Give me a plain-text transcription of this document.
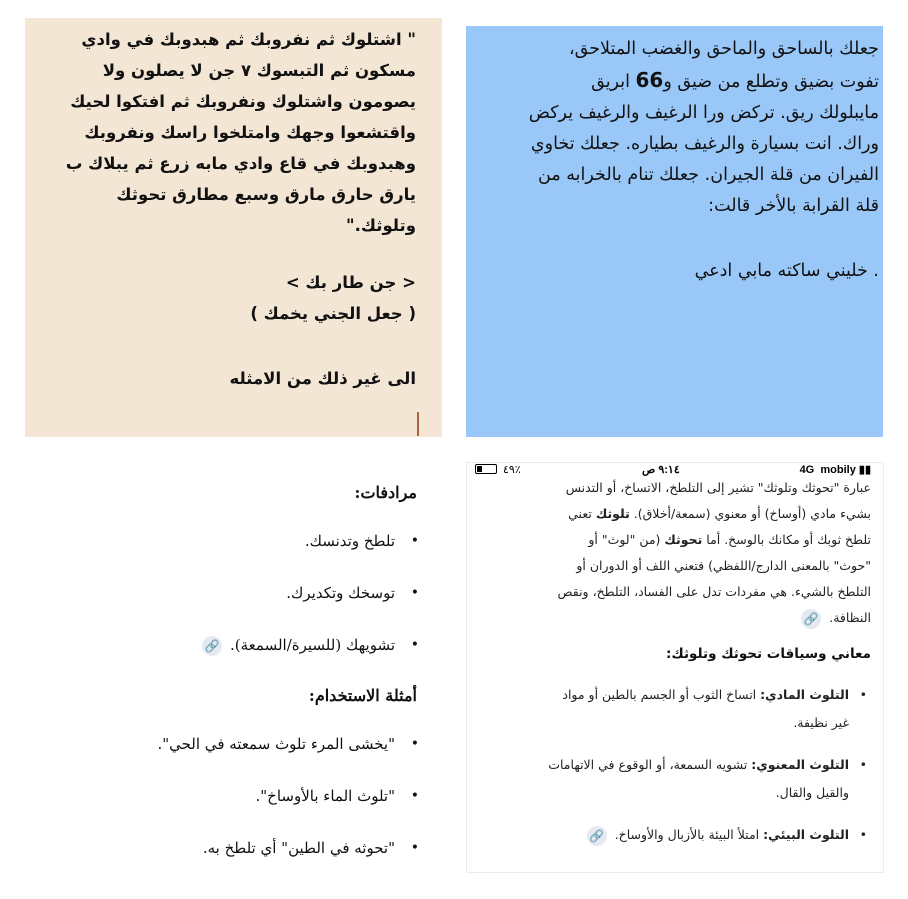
" اشتلوك ثم نفروبك ثم هبدوبك في وادي
مسكون ثم التبسوك ٧ جن لا يصلون ولا
يصومون واشتلوك ونفروبك ثم افتكوا لحيك
واقتشعوا وجهك وامتلخوا راسك ونفروبك
وهبدوبك في قاع وادي مابه زرع ثم يبلاك ب
يارق حارق مارق وسبع مطارق تحوثك
وتلوثك."
< جن طار بك >
( جعل الجني يخمك )
الى غير ذلك من الامثله
جعلك بالساحق والماحق والغضب المتلاحق،
تفوت بضيق وتطلع من ضيق و66 ابريق
مايبلولك ريق. تركض ورا الرغيف والرغيف يركض
وراك. انت بسيارة والرغيف بطياره. جعلك تخاوي
الفيران من قلة الجيران. جعلك تنام بالخرابه من
قلة القرابة بالأخر قالت:
. خليني ساكته مابي ادعي
مرادفات:
•
تلطخ وتدنسك.
•
توسخك وتكديرك.
•
تشويهك (للسيرة/السمعة).🔗
أمثلة الاستخدام:
•
"يخشى المرء تلوث سمعته في الحي".
•
"تلوث الماء بالأوساخ".
•
"تحوثه في الطين" أي تلطخ به.
٤٩٪	٩:١٤ ص	4G mobily ▮▮
عبارة "تحوثك وتلوثك" تشير إلى التلطخ، الاتساخ، أو التدنس
بشيء مادي (أوساخ) أو معنوي (سمعة/أخلاق). تلوثك تعني
تلطخ ثوبك أو مكانك بالوسخ. أما تحوثك (من "لوث" أو
"حوث" بالمعنى الدارج/اللفظي) فتعني اللف أو الدوران أو
التلطخ بالشيء. هي مفردات تدل على الفساد، التلطخ، ونقص
النظافة.🔗
معاني وسياقات تحوثك وتلوثك:
•
التلوث المادي: اتساخ الثوب أو الجسم بالطين أو مواد
غير نظيفة.
•
التلوث المعنوي: تشويه السمعة، أو الوقوع في الاتهامات
والقيل والقال.
•
التلوث البيئي: امتلأ البيئة بالأزبال والأوساخ.🔗
